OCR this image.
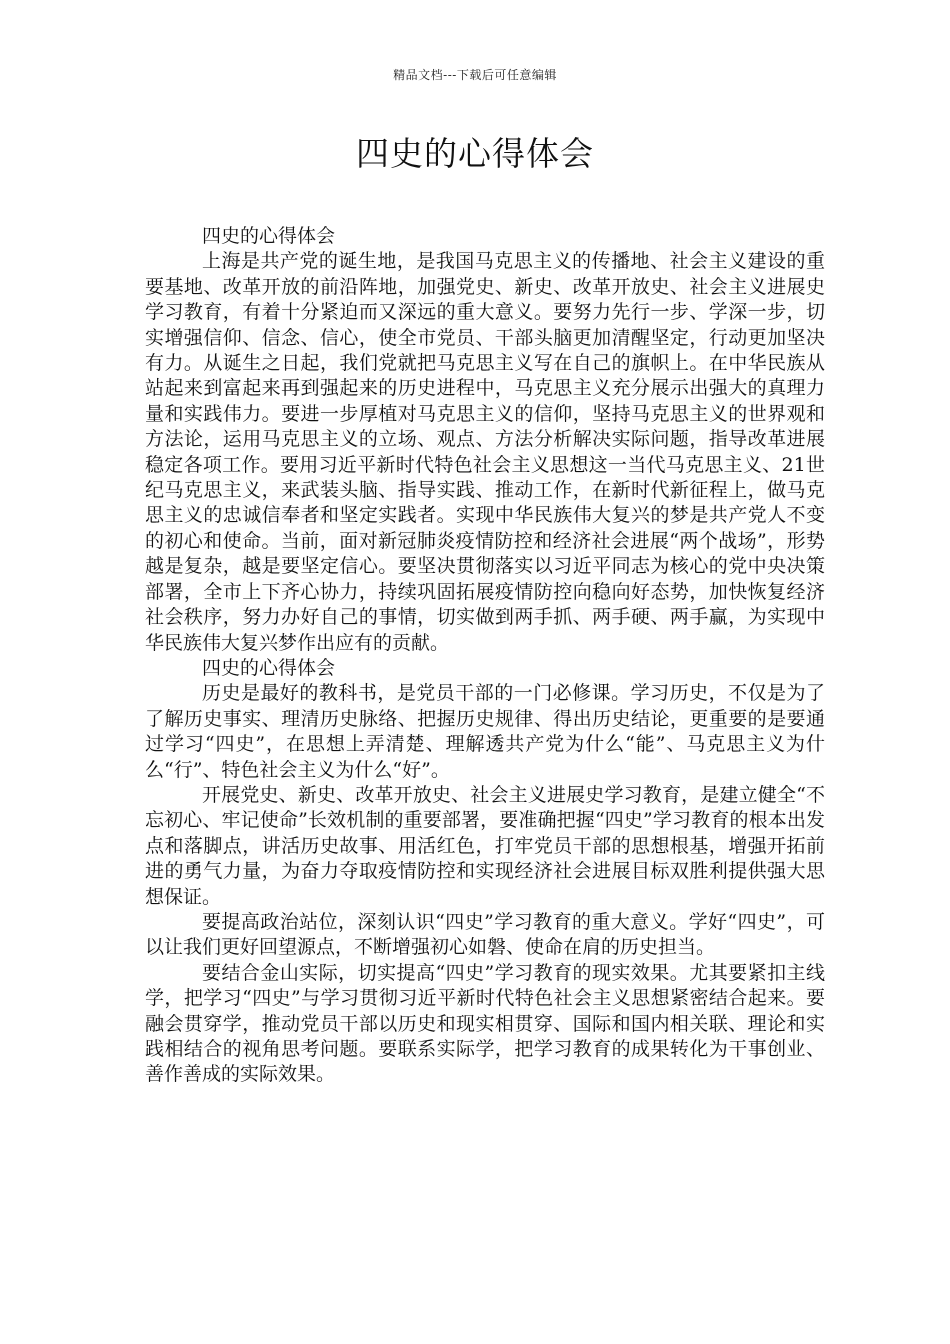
精品文档---下载后可任意编辑
四史的心得体会

四史的心得体会

上海是共产党的诞生地，是我国马克思主义的传播地、社会主义建设的重要基地、改革开放的前沿阵地，加强党史、新史、改革开放史、社会主义进展史学习教育，有着十分紧迫而又深远的重大意义。要努力先行一步、学深一步，切实增强信仰、信念、信心，使全市党员、干部头脑更加清醒坚定，行动更加坚决有力。从诞生之日起，我们党就把马克思主义写在自己的旗帜上。在中华民族从站起来到富起来再到强起来的历史进程中，马克思主义充分展示出强大的真理力量和实践伟力。要进一步厚植对马克思主义的信仰，坚持马克思主义的世界观和方法论，运用马克思主义的立场、观点、方法分析解决实际问题，指导改革进展稳定各项工作。要用习近平新时代特色社会主义思想这一当代马克思主义、21世纪马克思主义，来武装头脑、指导实践、推动工作，在新时代新征程上，做马克思主义的忠诚信奉者和坚定实践者。实现中华民族伟大复兴的梦是共产党人不变的初心和使命。当前，面对新冠肺炎疫情防控和经济社会进展“两个战场”，形势越是复杂，越是要坚定信心。要坚决贯彻落实以习近平同志为核心的党中央决策部署，全市上下齐心协力，持续巩固拓展疫情防控向稳向好态势，加快恢复经济社会秩序，努力办好自己的事情，切实做到两手抓、两手硬、两手赢，为实现中华民族伟大复兴梦作出应有的贡献。

四史的心得体会

历史是最好的教科书，是党员干部的一门必修课。学习历史，不仅是为了了解历史事实、理清历史脉络、把握历史规律、得出历史结论，更重要的是要通过学习“四史”，在思想上弄清楚、理解透共产党为什么“能”、马克思主义为什么“行”、特色社会主义为什么“好”。

开展党史、新史、改革开放史、社会主义进展史学习教育，是建立健全“不忘初心、牢记使命”长效机制的重要部署，要准确把握“四史”学习教育的根本出发点和落脚点，讲活历史故事、用活红色，打牢党员干部的思想根基，增强开拓前进的勇气力量，为奋力夺取疫情防控和实现经济社会进展目标双胜利提供强大思想保证。

要提高政治站位，深刻认识“四史”学习教育的重大意义。学好“四史”，可以让我们更好回望源点，不断增强初心如磐、使命在肩的历史担当。

要结合金山实际，切实提高“四史”学习教育的现实效果。尤其要紧扣主线学，把学习“四史”与学习贯彻习近平新时代特色社会主义思想紧密结合起来。要融会贯穿学，推动党员干部以历史和现实相贯穿、国际和国内相关联、理论和实践相结合的视角思考问题。要联系实际学，把学习教育的成果转化为干事创业、善作善成的实际效果。
